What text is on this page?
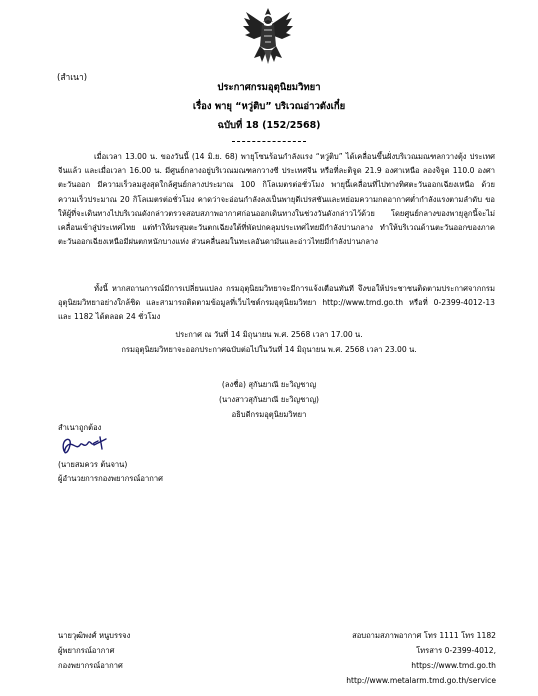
(สำเนา)
ประกาศกรมอุตุนิยมวิทยา
เรื่อง พายุ “หวู่ติบ” บริเวณอ่าวตังเกี๋ย
ฉบับที่ 18 (152/2568)
เมื่อเวลา 13.00 น. ของวันนี้ (14 มิ.ย. 68) พายุโซนร้อนกำลังแรง “หวู่ติบ” ได้เคลื่อนขึ้นฝั่งบริเวณมณฑลกวางตุ้ง ประเทศจีนแล้ว และเมื่อเวลา 16.00 น. มีศูนย์กลางอยู่บริเวณมณฑลกวางซี ประเทศจีน หรือที่ละติจูด 21.9 องศาเหนือ ลองจิจูด 110.0 องศาตะวันออก มีความเร็วลมสูงสุดใกล้ศูนย์กลางประมาณ 100 กิโลเมตรต่อชั่วโมง พายุนี้เคลื่อนที่ไปทางทิศตะวันออกเฉียงเหนือ ด้วยความเร็วประมาณ 20 กิโลเมตรต่อชั่วโมง คาดว่าจะอ่อนกำลังลงเป็นพายุดีเปรสชันและหย่อมความกดอากาศต่ำกำลังแรงตามลำดับ ขอให้ผู้ที่จะเดินทางไปบริเวณดังกล่าวตรวจสอบสภาพอากาศก่อนออกเดินทางในช่วงวันดังกล่าวไว้ด้วย โดยศูนย์กลางของพายุลูกนี้จะไม่เคลื่อนเข้าสู่ประเทศไทย แต่ทำให้มรสุมตะวันตกเฉียงใต้ที่พัดปกคลุมประเทศไทยมีกำลังปานกลาง ทำให้บริเวณด้านตะวันออกของภาคตะวันออกเฉียงเหนือมีฝนตกหนักบางแห่ง ส่วนคลื่นลมในทะเลอันดามันและอ่าวไทยมีกำลังปานกลาง
ทั้งนี้ หากสถานการณ์มีการเปลี่ยนแปลง กรมอุตุนิยมวิทยาจะมีการแจ้งเตือนทันที จึงขอให้ประชาชนติดตามประกาศจากกรมอุตุนิยมวิทยาอย่างใกล้ชิด และสามารถติดตามข้อมูลที่เว็บไซต์กรมอุตุนิยมวิทยา http://www.tmd.go.th หรือที่ 0-2399-4012-13 และ 1182 ได้ตลอด 24 ชั่วโมง
ประกาศ ณ วันที่ 14 มิถุนายน พ.ศ. 2568 เวลา 17.00 น.
กรมอุตุนิยมวิทยาจะออกประกาศฉบับต่อไปในวันที่ 14 มิถุนายน พ.ศ. 2568 เวลา 23.00 น.
(ลงชื่อ) สุกันยาณี ยะวิญชาญ
(นางสาวสุกันยาณี ยะวิญชาญ)
อธิบดีกรมอุตุนิยมวิทยา
สำเนาถูกต้อง
(นายสมควร ต้นจาน)
ผู้อำนวยการกองพยากรณ์อากาศ
นายวุฒิพงศ์ หนูบรรจง
ผู้พยากรณ์อากาศ
กองพยากรณ์อากาศ
สอบถามสภาพอากาศ โทร 1111 โทร 1182
โทรสาร 0-2399-4012, https://www.tmd.go.th
http://www.metalarm.tmd.go.th/service
